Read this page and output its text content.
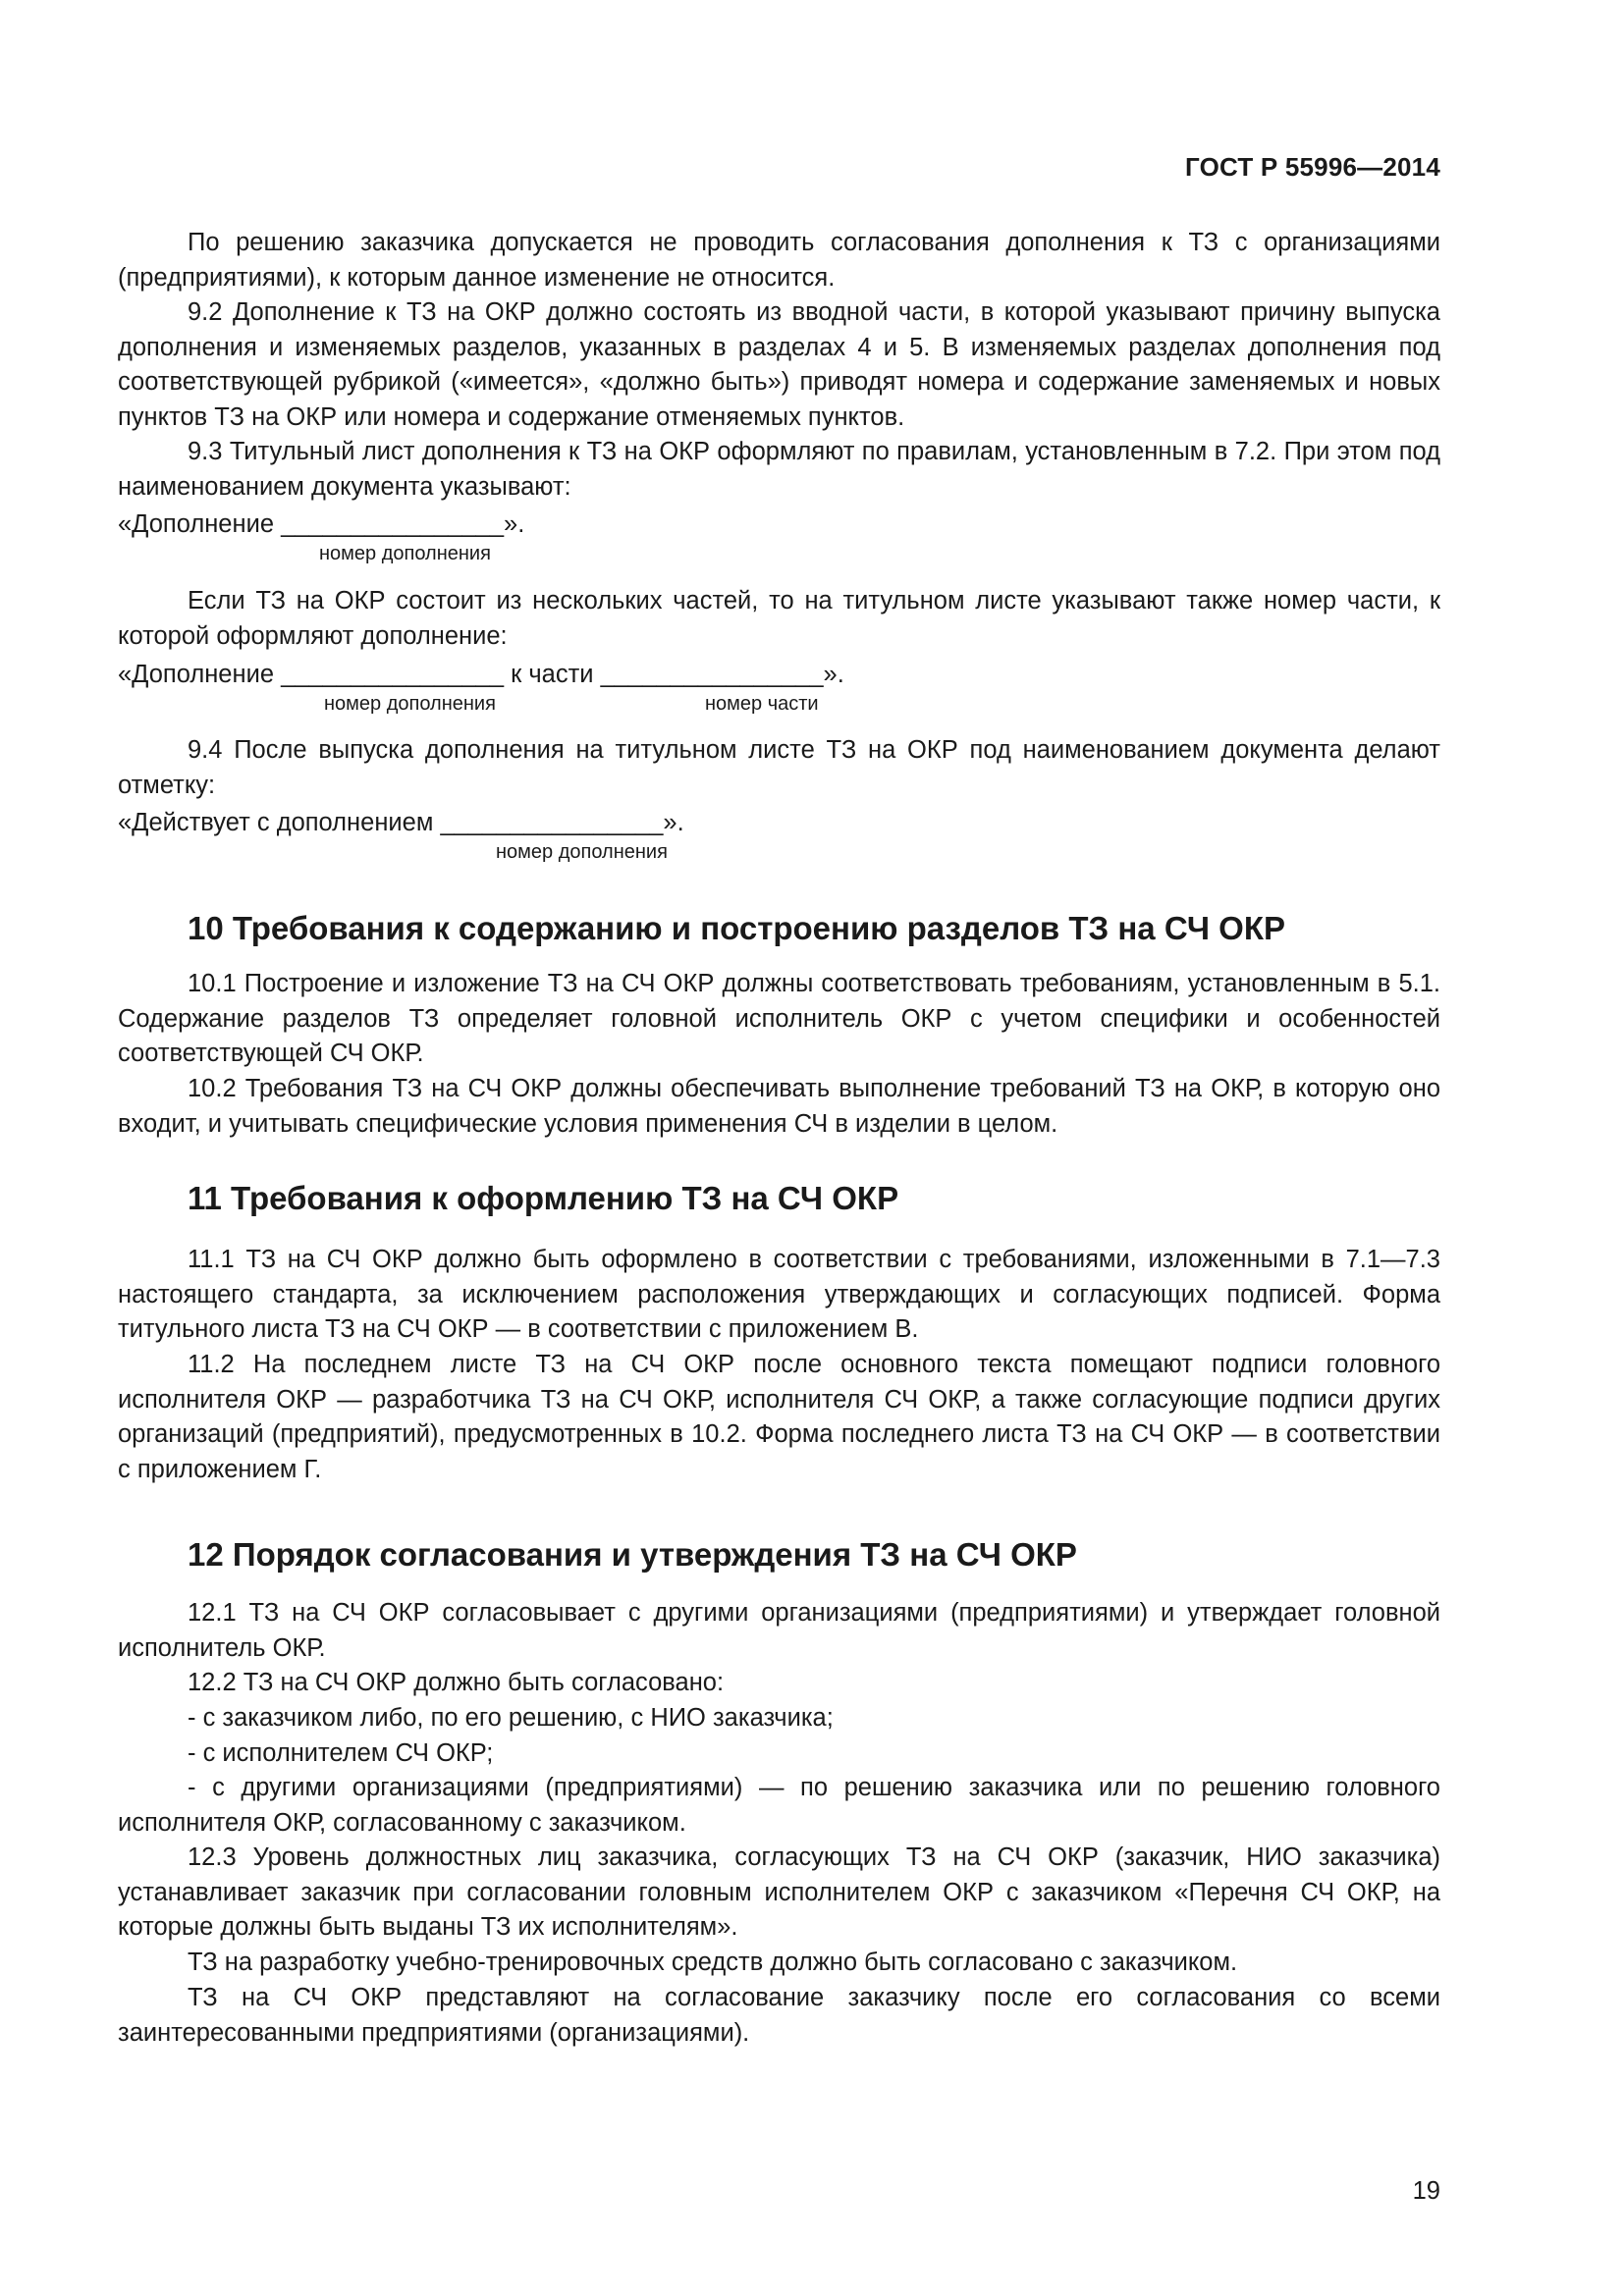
ГОСТ Р 55996—2014
По решению заказчика допускается не проводить согласования дополнения к ТЗ с организациями (предприятиями), к которым данное изменение не относится.
9.2 Дополнение к ТЗ на ОКР должно состоять из вводной части, в которой указывают причину выпуска дополнения и изменяемых разделов, указанных в разделах 4 и 5. В изменяемых разделах дополнения под соответствующей рубрикой («имеется», «должно быть») приводят номера и содержание заменяемых и новых пунктов ТЗ на ОКР или номера и содержание отменяемых пунктов.
9.3 Титульный лист дополнения к ТЗ на ОКР оформляют по правилам, установленным в 7.2. При этом под наименованием документа указывают:
«Дополнение ________________».
номер дополнения
Если ТЗ на ОКР состоит из нескольких частей, то на титульном листе указывают также номер части, к которой оформляют дополнение:
«Дополнение ________________ к части ________________».
номер дополнения	номер части
9.4 После выпуска дополнения на титульном листе ТЗ на ОКР под наименованием документа делают отметку:
«Действует с дополнением ________________».
номер дополнения
10 Требования к содержанию и построению разделов ТЗ на СЧ ОКР
10.1 Построение и изложение ТЗ на СЧ ОКР должны соответствовать требованиям, установленным в 5.1. Содержание разделов ТЗ определяет головной исполнитель ОКР с учетом специфики и особенностей соответствующей СЧ ОКР.
10.2 Требования ТЗ на СЧ ОКР должны обеспечивать выполнение требований ТЗ на ОКР, в которую оно входит, и учитывать специфические условия применения СЧ в изделии в целом.
11 Требования к оформлению ТЗ на СЧ ОКР
11.1 ТЗ на СЧ ОКР должно быть оформлено в соответствии с требованиями, изложенными в 7.1—7.3 настоящего стандарта, за исключением расположения утверждающих и согласующих подписей. Форма титульного листа ТЗ на СЧ ОКР — в соответствии с приложением В.
11.2 На последнем листе ТЗ на СЧ ОКР после основного текста помещают подписи головного исполнителя ОКР — разработчика ТЗ на СЧ ОКР, исполнителя СЧ ОКР, а также согласующие подписи других организаций (предприятий), предусмотренных в 10.2. Форма последнего листа ТЗ на СЧ ОКР — в соответствии с приложением Г.
12 Порядок согласования и утверждения ТЗ на СЧ ОКР
12.1 ТЗ на СЧ ОКР согласовывает с другими организациями (предприятиями) и утверждает головной исполнитель ОКР.
12.2 ТЗ на СЧ ОКР должно быть согласовано:
- с заказчиком либо, по его решению, с НИО заказчика;
- с исполнителем СЧ ОКР;
- с другими организациями (предприятиями) — по решению заказчика или по решению головного исполнителя ОКР, согласованному с заказчиком.
12.3 Уровень должностных лиц заказчика, согласующих ТЗ на СЧ ОКР (заказчик, НИО заказчика) устанавливает заказчик при согласовании головным исполнителем ОКР с заказчиком «Перечня СЧ ОКР, на которые должны быть выданы ТЗ их исполнителям».
ТЗ на разработку учебно-тренировочных средств должно быть согласовано с заказчиком.
ТЗ на СЧ ОКР представляют на согласование заказчику после его согласования со всеми заинтересованными предприятиями (организациями).
19
